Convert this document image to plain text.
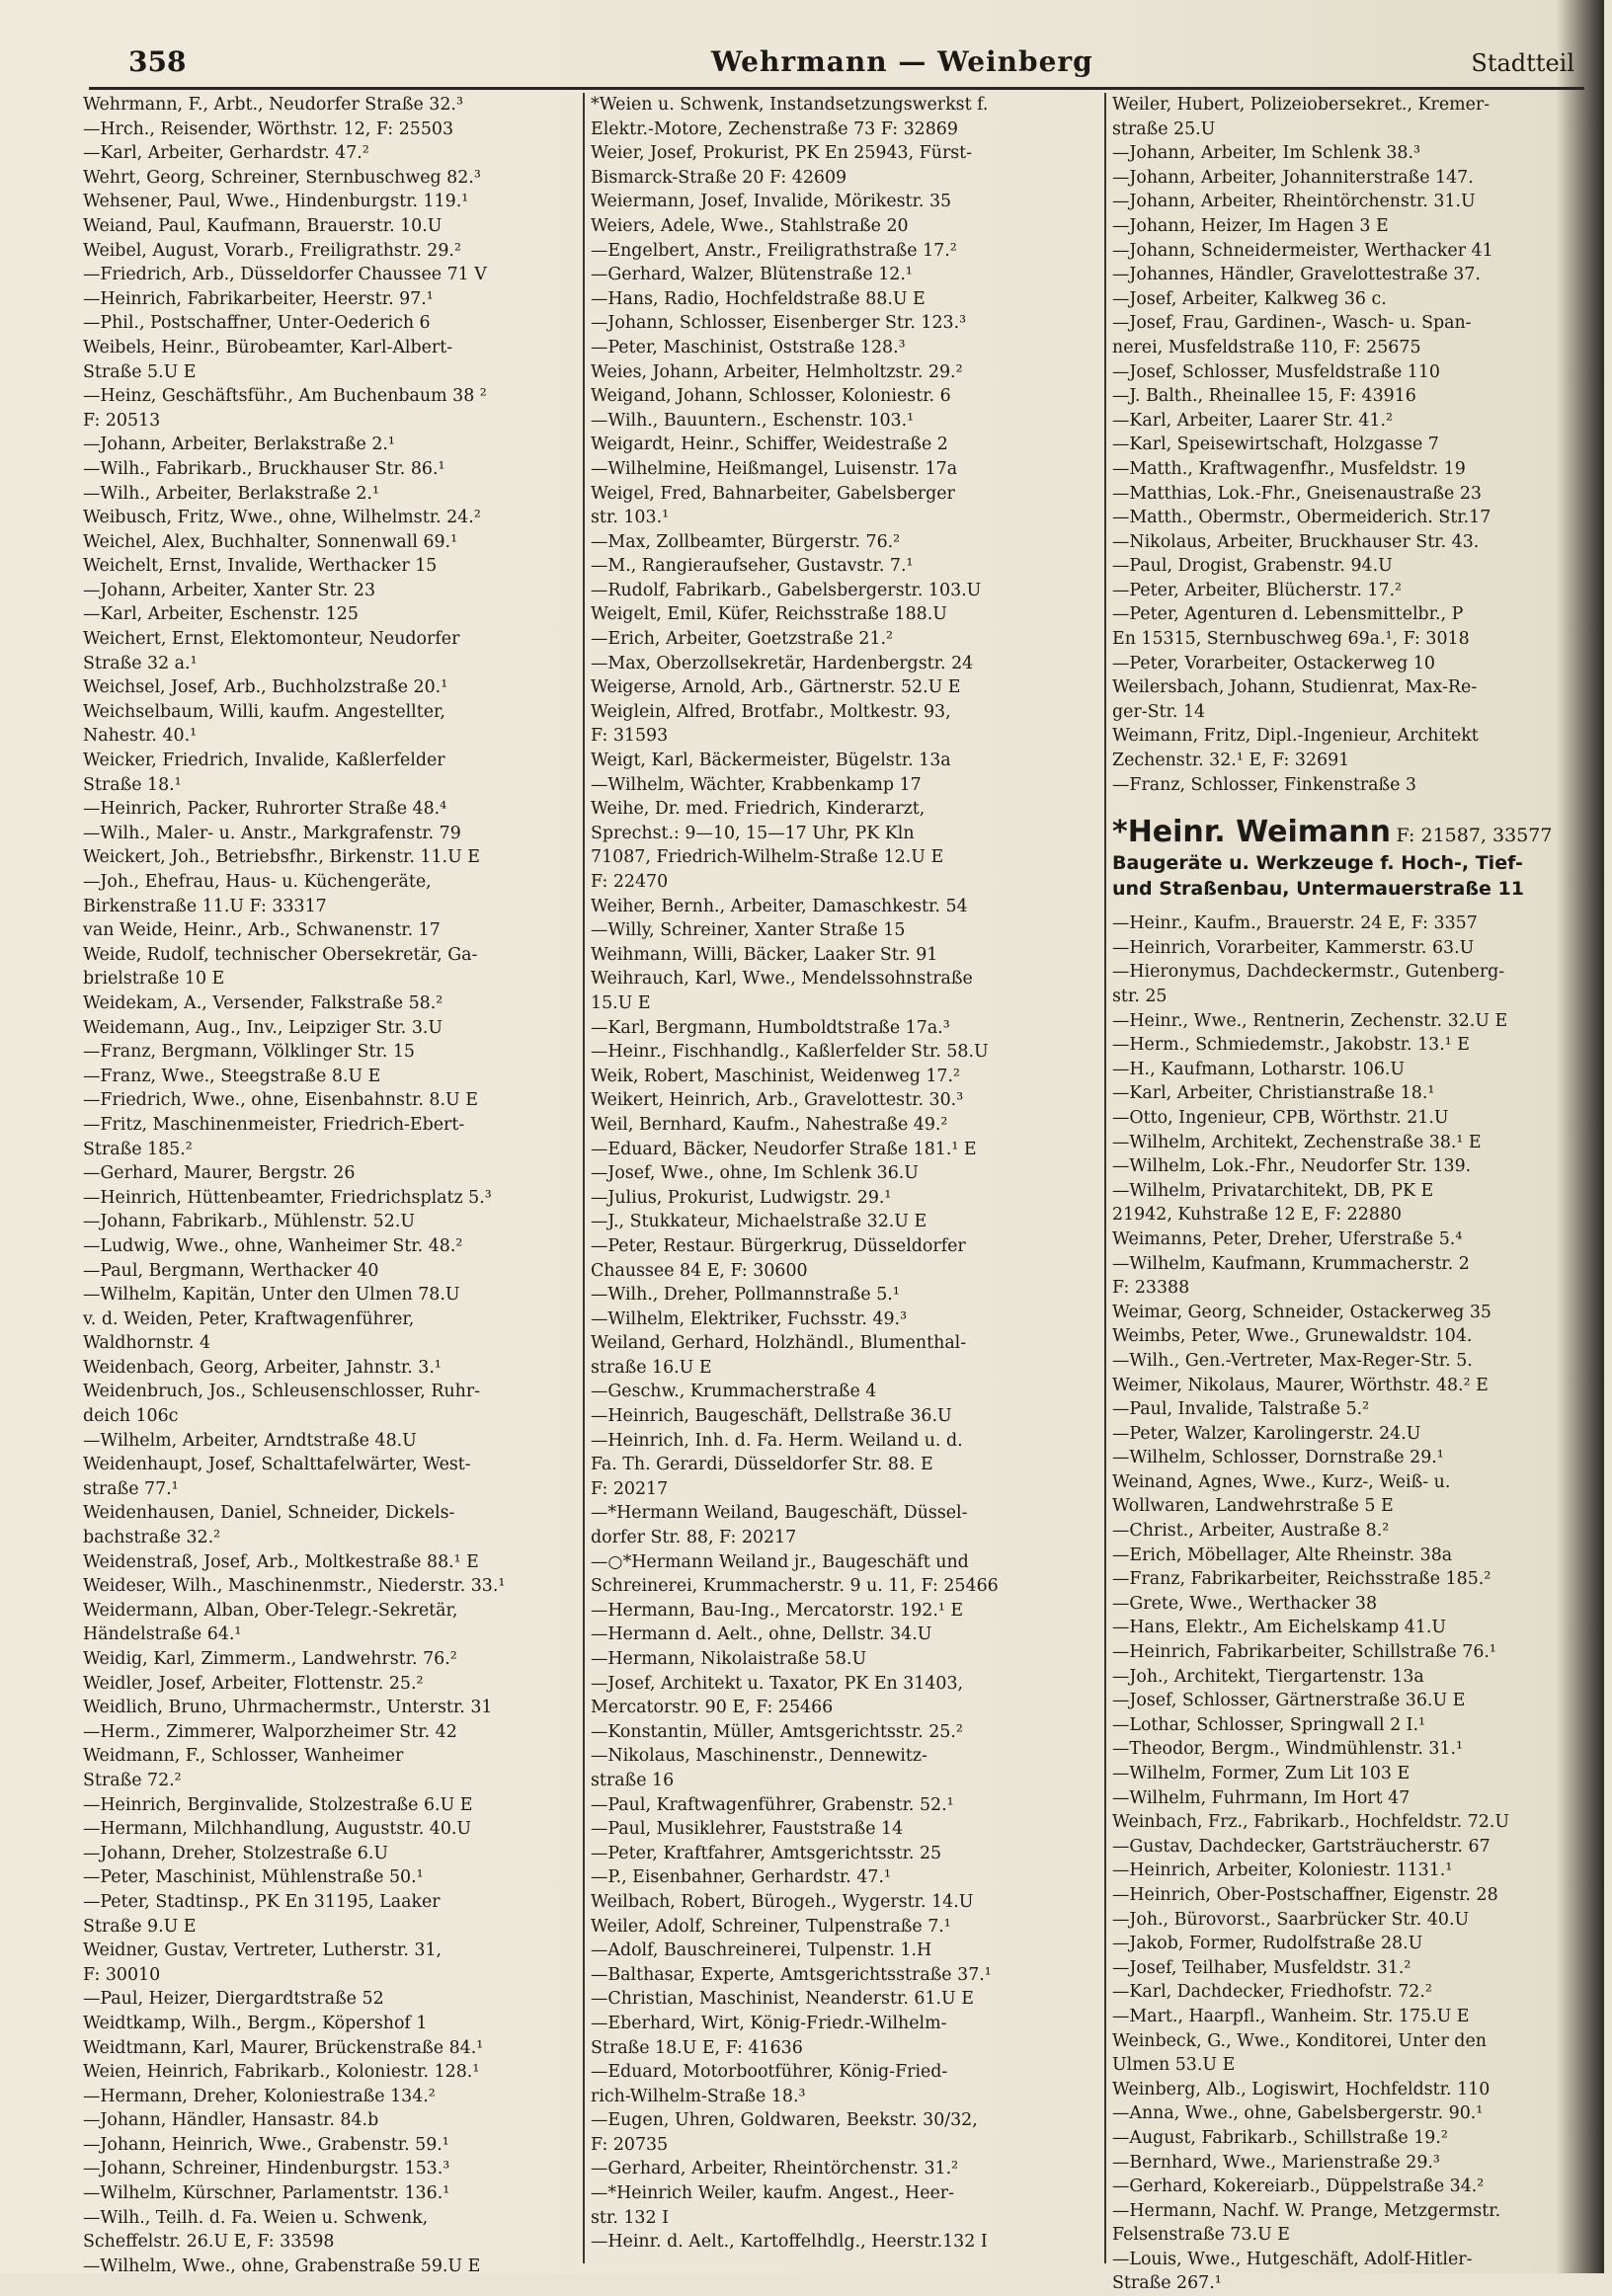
358	Wehrmann — Weinberg	Stadtteil
Wehrmann, F., Arbt., Neudorfer Straße 32.³
—Hrch., Reisender, Wörthstr. 12, F: 25503
—Karl, Arbeiter, Gerhardstr. 47.²
Wehrt, Georg, Schreiner, Sternbuschweg 82.³
Wehsener, Paul, Wwe., Hindenburgstr. 119.¹
Weiand, Paul, Kaufmann, Brauerstr. 10.U
Weibel, August, Vorarb., Freiligrathstr. 29.²
—Friedrich, Arb., Düsseldorfer Chaussee 71 V
—Heinrich, Fabrikarbeiter, Heerstr. 97.¹
—Phil., Postschaffner, Unter-Oederich 6
Weibels, Heinr., Bürobeamter, Karl-Albert-
Straße 5.U E
—Heinz, Geschäftsführ., Am Buchenbaum 38 ²
F: 20513
—Johann, Arbeiter, Berlakstraße 2.¹
—Wilh., Fabrikarb., Bruckhauser Str. 86.¹
—Wilh., Arbeiter, Berlakstraße 2.¹
Weibusch, Fritz, Wwe., ohne, Wilhelmstr. 24.²
Weichel, Alex, Buchhalter, Sonnenwall 69.¹
Weichelt, Ernst, Invalide, Werthacker 15
—Johann, Arbeiter, Xanter Str. 23
—Karl, Arbeiter, Eschenstr. 125
Weichert, Ernst, Elektomonteur, Neudorfer
Straße 32 a.¹
Weichsel, Josef, Arb., Buchholzstraße 20.¹
Weichselbaum, Willi, kaufm. Angestellter,
Nahestr. 40.¹
Weicker, Friedrich, Invalide, Kaßlerfelder
Straße 18.¹
—Heinrich, Packer, Ruhrorter Straße 48.⁴
—Wilh., Maler- u. Anstr., Markgrafenstr. 79
Weickert, Joh., Betriebsfhr., Birkenstr. 11.U E
—Joh., Ehefrau, Haus- u. Küchengeräte,
Birkenstraße 11.U F: 33317
van Weide, Heinr., Arb., Schwanenstr. 17
Weide, Rudolf, technischer Obersekretär, Ga-
brielstraße 10 E
Weidekam, A., Versender, Falkstraße 58.²
Weidemann, Aug., Inv., Leipziger Str. 3.U
—Franz, Bergmann, Völklinger Str. 15
—Franz, Wwe., Steegstraße 8.U E
—Friedrich, Wwe., ohne, Eisenbahnstr. 8.U E
—Fritz, Maschinenmeister, Friedrich-Ebert-
Straße 185.²
—Gerhard, Maurer, Bergstr. 26
—Heinrich, Hüttenbeamter, Friedrichsplatz 5.³
—Johann, Fabrikarb., Mühlenstr. 52.U
—Ludwig, Wwe., ohne, Wanheimer Str. 48.²
—Paul, Bergmann, Werthacker 40
—Wilhelm, Kapitän, Unter den Ulmen 78.U
v. d. Weiden, Peter, Kraftwagenführer,
Waldhornstr. 4
Weidenbach, Georg, Arbeiter, Jahnstr. 3.¹
Weidenbruch, Jos., Schleusenschlosser, Ruhr-
deich 106c
—Wilhelm, Arbeiter, Arndtstraße 48.U
Weidenhaupt, Josef, Schalttafelwärter, West-
straße 77.¹
Weidenhausen, Daniel, Schneider, Dickels-
bachstraße 32.²
Weidenstraß, Josef, Arb., Moltkestraße 88.¹ E
Weideser, Wilh., Maschinenmstr., Niederstr. 33.¹
Weidermann, Alban, Ober-Telegr.-Sekretär,
Händelstraße 64.¹
Weidig, Karl, Zimmerm., Landwehrstr. 76.²
Weidler, Josef, Arbeiter, Flottenstr. 25.²
Weidlich, Bruno, Uhrmachermstr., Unterstr. 31
—Herm., Zimmerer, Walporzheimer Str. 42
Weidmann, F., Schlosser, Wanheimer
Straße 72.²
—Heinrich, Berginvalide, Stolzestraße 6.U E
—Hermann, Milchhandlung, Auguststr. 40.U
—Johann, Dreher, Stolzestraße 6.U
—Peter, Maschinist, Mühlenstraße 50.¹
—Peter, Stadtinsp., PK En 31195, Laaker
Straße 9.U E
Weidner, Gustav, Vertreter, Lutherstr. 31,
F: 30010
—Paul, Heizer, Diergardtstraße 52
Weidtkamp, Wilh., Bergm., Köpershof 1
Weidtmann, Karl, Maurer, Brückenstraße 84.¹
Weien, Heinrich, Fabrikarb., Koloniestr. 128.¹
—Hermann, Dreher, Koloniestraße 134.²
—Johann, Händler, Hansastr. 84.b
—Johann, Heinrich, Wwe., Grabenstr. 59.¹
—Johann, Schreiner, Hindenburgstr. 153.³
—Wilhelm, Kürschner, Parlamentstr. 136.¹
—Wilh., Teilh. d. Fa. Weien u. Schwenk,
Scheffelstr. 26.U E, F: 33598
—Wilhelm, Wwe., ohne, Grabenstraße 59.U E
*Weien u. Schwenk, Instandsetzungswerkst f.
Elektr.-Motore, Zechenstraße 73 F: 32869
Weier, Josef, Prokurist, PK En 25943, Fürst-
Bismarck-Straße 20 F: 42609
Weiermann, Josef, Invalide, Mörikestr. 35
Weiers, Adele, Wwe., Stahlstraße 20
—Engelbert, Anstr., Freiligrathstraße 17.²
—Gerhard, Walzer, Blütenstraße 12.¹
—Hans, Radio, Hochfeldstraße 88.U E
—Johann, Schlosser, Eisenberger Str. 123.³
—Peter, Maschinist, Oststraße 128.³
Weies, Johann, Arbeiter, Helmholtzstr. 29.²
Weigand, Johann, Schlosser, Koloniestr. 6
—Wilh., Bauuntern., Eschenstr. 103.¹
Weigardt, Heinr., Schiffer, Weidestraße 2
—Wilhelmine, Heißmangel, Luisenstr. 17a
Weigel, Fred, Bahnarbeiter, Gabelsberger
str. 103.¹
—Max, Zollbeamter, Bürgerstr. 76.²
—M., Rangieraufseher, Gustavstr. 7.¹
—Rudolf, Fabrikarb., Gabelsbergerstr. 103.U
Weigelt, Emil, Küfer, Reichsstraße 188.U
—Erich, Arbeiter, Goetzstraße 21.²
—Max, Oberzollsekretär, Hardenbergstr. 24
Weigerse, Arnold, Arb., Gärtnerstr. 52.U E
Weiglein, Alfred, Brotfabr., Moltkestr. 93,
F: 31593
Weigt, Karl, Bäckermeister, Bügelstr. 13a
—Wilhelm, Wächter, Krabbenkamp 17
Weihe, Dr. med. Friedrich, Kinderarzt,
Sprechst.: 9—10, 15—17 Uhr, PK Kln
71087, Friedrich-Wilhelm-Straße 12.U E
F: 22470
Weiher, Bernh., Arbeiter, Damaschkestr. 54
—Willy, Schreiner, Xanter Straße 15
Weihmann, Willi, Bäcker, Laaker Str. 91
Weihrauch, Karl, Wwe., Mendelssohnstraße
15.U E
—Karl, Bergmann, Humboldtstraße 17a.³
—Heinr., Fischhandlg., Kaßlerfelder Str. 58.U
Weik, Robert, Maschinist, Weidenweg 17.²
Weikert, Heinrich, Arb., Gravelottestr. 30.³
Weil, Bernhard, Kaufm., Nahestraße 49.²
—Eduard, Bäcker, Neudorfer Straße 181.¹ E
—Josef, Wwe., ohne, Im Schlenk 36.U
—Julius, Prokurist, Ludwigstr. 29.¹
—J., Stukkateur, Michaelstraße 32.U E
—Peter, Restaur. Bürgerkrug, Düsseldorfer
Chaussee 84 E, F: 30600
—Wilh., Dreher, Pollmannstraße 5.¹
—Wilhelm, Elektriker, Fuchsstr. 49.³
Weiland, Gerhard, Holzhändl., Blumenthal-
straße 16.U E
—Geschw., Krummacherstraße 4
—Heinrich, Baugeschäft, Dellstraße 36.U
—Heinrich, Inh. d. Fa. Herm. Weiland u. d.
Fa. Th. Gerardi, Düsseldorfer Str. 88. E
F: 20217
—*Hermann Weiland, Baugeschäft, Düssel-
dorfer Str. 88, F: 20217
—○*Hermann Weiland jr., Baugeschäft und
Schreinerei, Krummacherstr. 9 u. 11, F: 25466
—Hermann, Bau-Ing., Mercatorstr. 192.¹ E
—Hermann d. Aelt., ohne, Dellstr. 34.U
—Hermann, Nikolaistraße 58.U
—Josef, Architekt u. Taxator, PK En 31403,
Mercatorstr. 90 E, F: 25466
—Konstantin, Müller, Amtsgerichtsstr. 25.²
—Nikolaus, Maschinenstr., Dennewitz-
straße 16
—Paul, Kraftwagenführer, Grabenstr. 52.¹
—Paul, Musiklehrer, Fauststraße 14
—Peter, Kraftfahrer, Amtsgerichtsstr. 25
—P., Eisenbahner, Gerhardstr. 47.¹
Weilbach, Robert, Bürogeh., Wygerstr. 14.U
Weiler, Adolf, Schreiner, Tulpenstraße 7.¹
—Adolf, Bauschreinerei, Tulpenstr. 1.H
—Balthasar, Experte, Amtsgerichtsstraße 37.¹
—Christian, Maschinist, Neanderstr. 61.U E
—Eberhard, Wirt, König-Friedr.-Wilhelm-
Straße 18.U E, F: 41636
—Eduard, Motorbootführer, König-Fried-
rich-Wilhelm-Straße 18.³
—Eugen, Uhren, Goldwaren, Beekstr. 30/32,
F: 20735
—Gerhard, Arbeiter, Rheintörchenstr. 31.²
—*Heinrich Weiler, kaufm. Angest., Heer-
str. 132 I
—Heinr. d. Aelt., Kartoffelhdlg., Heerstr.132 I
Weiler, Hubert, Polizeiobersekret., Kremer-
straße 25.U
—Johann, Arbeiter, Im Schlenk 38.³
—Johann, Arbeiter, Johanniterstraße 147.
—Johann, Arbeiter, Rheintörchenstr. 31.U
—Johann, Heizer, Im Hagen 3 E
—Johann, Schneidermeister, Werthacker 41
—Johannes, Händler, Gravelottestraße 37.
—Josef, Arbeiter, Kalkweg 36 c.
—Josef, Frau, Gardinen-, Wasch- u. Span-
nerei, Musfeldstraße 110, F: 25675
—Josef, Schlosser, Musfeldstraße 110
—J. Balth., Rheinallee 15, F: 43916
—Karl, Arbeiter, Laarer Str. 41.²
—Karl, Speisewirtschaft, Holzgasse 7
—Matth., Kraftwagenfhr., Musfeldstr. 19
—Matthias, Lok.-Fhr., Gneisenaustraße 23
—Matth., Obermstr., Obermeiderich. Str.17
—Nikolaus, Arbeiter, Bruckhauser Str. 43.
—Paul, Drogist, Grabenstr. 94.U
—Peter, Arbeiter, Blücherstr. 17.²
—Peter, Agenturen d. Lebensmittelbr., P
En 15315, Sternbuschweg 69a.¹, F: 3018
—Peter, Vorarbeiter, Ostackerweg 10
Weilersbach, Johann, Studienrat, Max-Re-
ger-Str. 14
Weimann, Fritz, Dipl.-Ingenieur, Architekt
Zechenstr. 32.¹ E, F: 32691
—Franz, Schlosser, Finkenstraße 3
*Heinr. Weimann F: 21587, 33577
Baugeräte u. Werkzeuge f. Hoch-, Tief-
und Straßenbau, Untermauerstraße 11
—Heinr., Kaufm., Brauerstr. 24 E, F: 3357
—Heinrich, Vorarbeiter, Kammerstr. 63.U
—Hieronymus, Dachdeckermstr., Gutenberg-
str. 25
—Heinr., Wwe., Rentnerin, Zechenstr. 32.U E
—Herm., Schmiedemstr., Jakobstr. 13.¹ E
—H., Kaufmann, Lotharstr. 106.U
—Karl, Arbeiter, Christianstraße 18.¹
—Otto, Ingenieur, CPB, Wörthstr. 21.U
—Wilhelm, Architekt, Zechenstraße 38.¹ E
—Wilhelm, Lok.-Fhr., Neudorfer Str. 139.
—Wilhelm, Privatarchitekt, DB, PK E
21942, Kuhstraße 12 E, F: 22880
Weimanns, Peter, Dreher, Uferstraße 5.⁴
—Wilhelm, Kaufmann, Krummacherstr. 2
F: 23388
Weimar, Georg, Schneider, Ostackerweg 35
Weimbs, Peter, Wwe., Grunewaldstr. 104.
—Wilh., Gen.-Vertreter, Max-Reger-Str. 5.
Weimer, Nikolaus, Maurer, Wörthstr. 48.² E
—Paul, Invalide, Talstraße 5.²
—Peter, Walzer, Karolingerstr. 24.U
—Wilhelm, Schlosser, Dornstraße 29.¹
Weinand, Agnes, Wwe., Kurz-, Weiß- u.
Wollwaren, Landwehrstraße 5 E
—Christ., Arbeiter, Austraße 8.²
—Erich, Möbellager, Alte Rheinstr. 38a
—Franz, Fabrikarbeiter, Reichsstraße 185.²
—Grete, Wwe., Werthacker 38
—Hans, Elektr., Am Eichelskamp 41.U
—Heinrich, Fabrikarbeiter, Schillstraße 76.¹
—Joh., Architekt, Tiergartenstr. 13a
—Josef, Schlosser, Gärtnerstraße 36.U E
—Lothar, Schlosser, Springwall 2 I.¹
—Theodor, Bergm., Windmühlenstr. 31.¹
—Wilhelm, Former, Zum Lit 103 E
—Wilhelm, Fuhrmann, Im Hort 47
Weinbach, Frz., Fabrikarb., Hochfeldstr. 72.U
—Gustav, Dachdecker, Gartsträucherstr. 67
—Heinrich, Arbeiter, Koloniestr. 1131.¹
—Heinrich, Ober-Postschaffner, Eigenstr. 28
—Joh., Bürovorst., Saarbrücker Str. 40.U
—Jakob, Former, Rudolfstraße 28.U
—Josef, Teilhaber, Musfeldstr. 31.²
—Karl, Dachdecker, Friedhofstr. 72.²
—Mart., Haarpfl., Wanheim. Str. 175.U E
Weinbeck, G., Wwe., Konditorei, Unter den
Ulmen 53.U E
Weinberg, Alb., Logiswirt, Hochfeldstr. 110
—Anna, Wwe., ohne, Gabelsbergerstr. 90.¹
—August, Fabrikarb., Schillstraße 19.²
—Bernhard, Wwe., Marienstraße 29.³
—Gerhard, Kokereiarb., Düppelstraße 34.²
—Hermann, Nachf. W. Prange, Metzgermstr.
Felsenstraße 73.U E
—Louis, Wwe., Hutgeschäft, Adolf-Hitler-
Straße 267.¹
